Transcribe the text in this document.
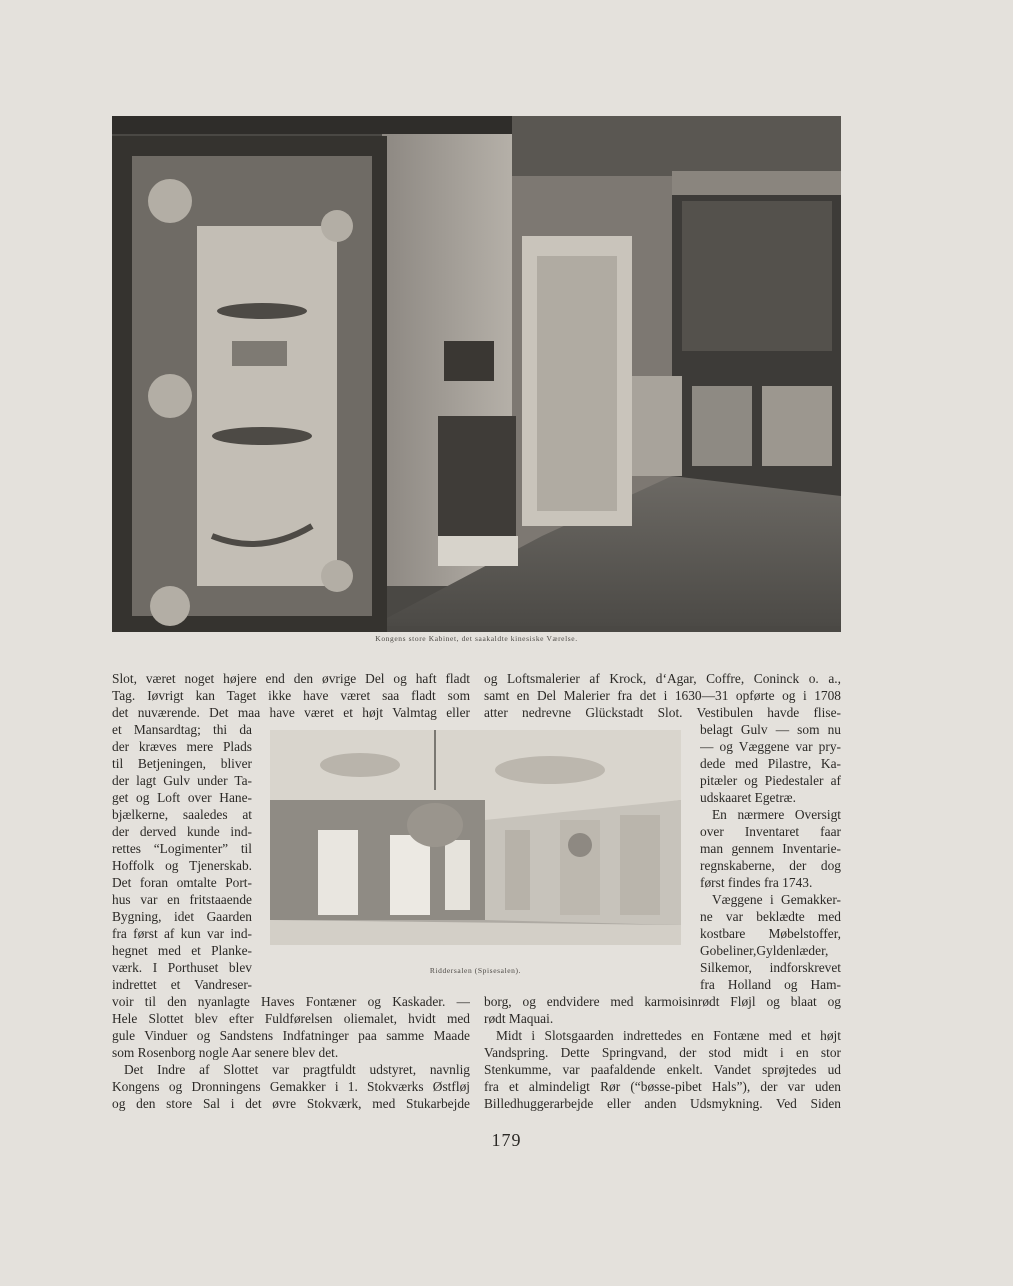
Kongens store Kabinet, det saakaldte kinesiske Værelse.
Riddersalen (Spisesalen).
Slot, været noget højere end den øvrige Del og haft fladt
Tag. Iøvrigt kan Taget ikke have været saa fladt som
det nuværende. Det maa have været et højt Valmtag eller
et Mansardtag; thi da
der kræves mere Plads
til Betjeningen, bliver
der lagt Gulv under Ta-
get og Loft over Hane-
bjælkerne, saaledes at
der derved kunde ind-
rettes “Logimenter” til
Hoffolk og Tjenerskab.
Det foran omtalte Port-
hus var en fritstaaende
Bygning, idet Gaarden
fra først af kun var ind-
hegnet med et Planke-
værk. I Porthuset blev
indrettet et Vandreser-
voir til den nyanlagte Haves Fontæner og Kaskader. —
Hele Slottet blev efter Fuldførelsen oliemalet, hvidt med
gule Vinduer og Sandstens Indfatninger paa samme Maade
som Rosenborg nogle Aar senere blev det.
Det Indre af Slottet var pragtfuldt udstyret, navnlig
Kongens og Dronningens Gemakker i 1. Stokværks Østfløj
og den store Sal i det øvre Stokværk, med Stukarbejde
og Loftsmalerier af Krock, d‘Agar, Coffre, Coninck o. a.,
samt en Del Malerier fra det i 1630—31 opførte og i 1708
atter nedrevne Glückstadt Slot. Vestibulen havde flise-
belagt Gulv — som nu
— og Væggene var pry-
dede med Pilastre, Ka-
pitæler og Piedestaler af
udskaaret Egetræ.
En nærmere Oversigt
over Inventaret faar
man gennem Inventarie-
regnskaberne, der dog
først findes fra 1743.
Væggene i Gemakker-
ne var beklædte med
kostbare Møbelstoffer,
Gobeliner,Gyldenlæder,
Silkemor, indforskrevet
fra Holland og Ham-
borg, og endvidere med karmoisinrødt Fløjl og blaat og
rødt Maquai.
Midt i Slotsgaarden indrettedes en Fontæne med et højt
Vandspring. Dette Springvand, der stod midt i en stor
Stenkumme, var paafaldende enkelt. Vandet sprøjtedes ud
fra et almindeligt Rør (“bøsse-pibet Hals”), der var uden
Billedhuggerarbejde eller anden Udsmykning. Ved Siden
179
